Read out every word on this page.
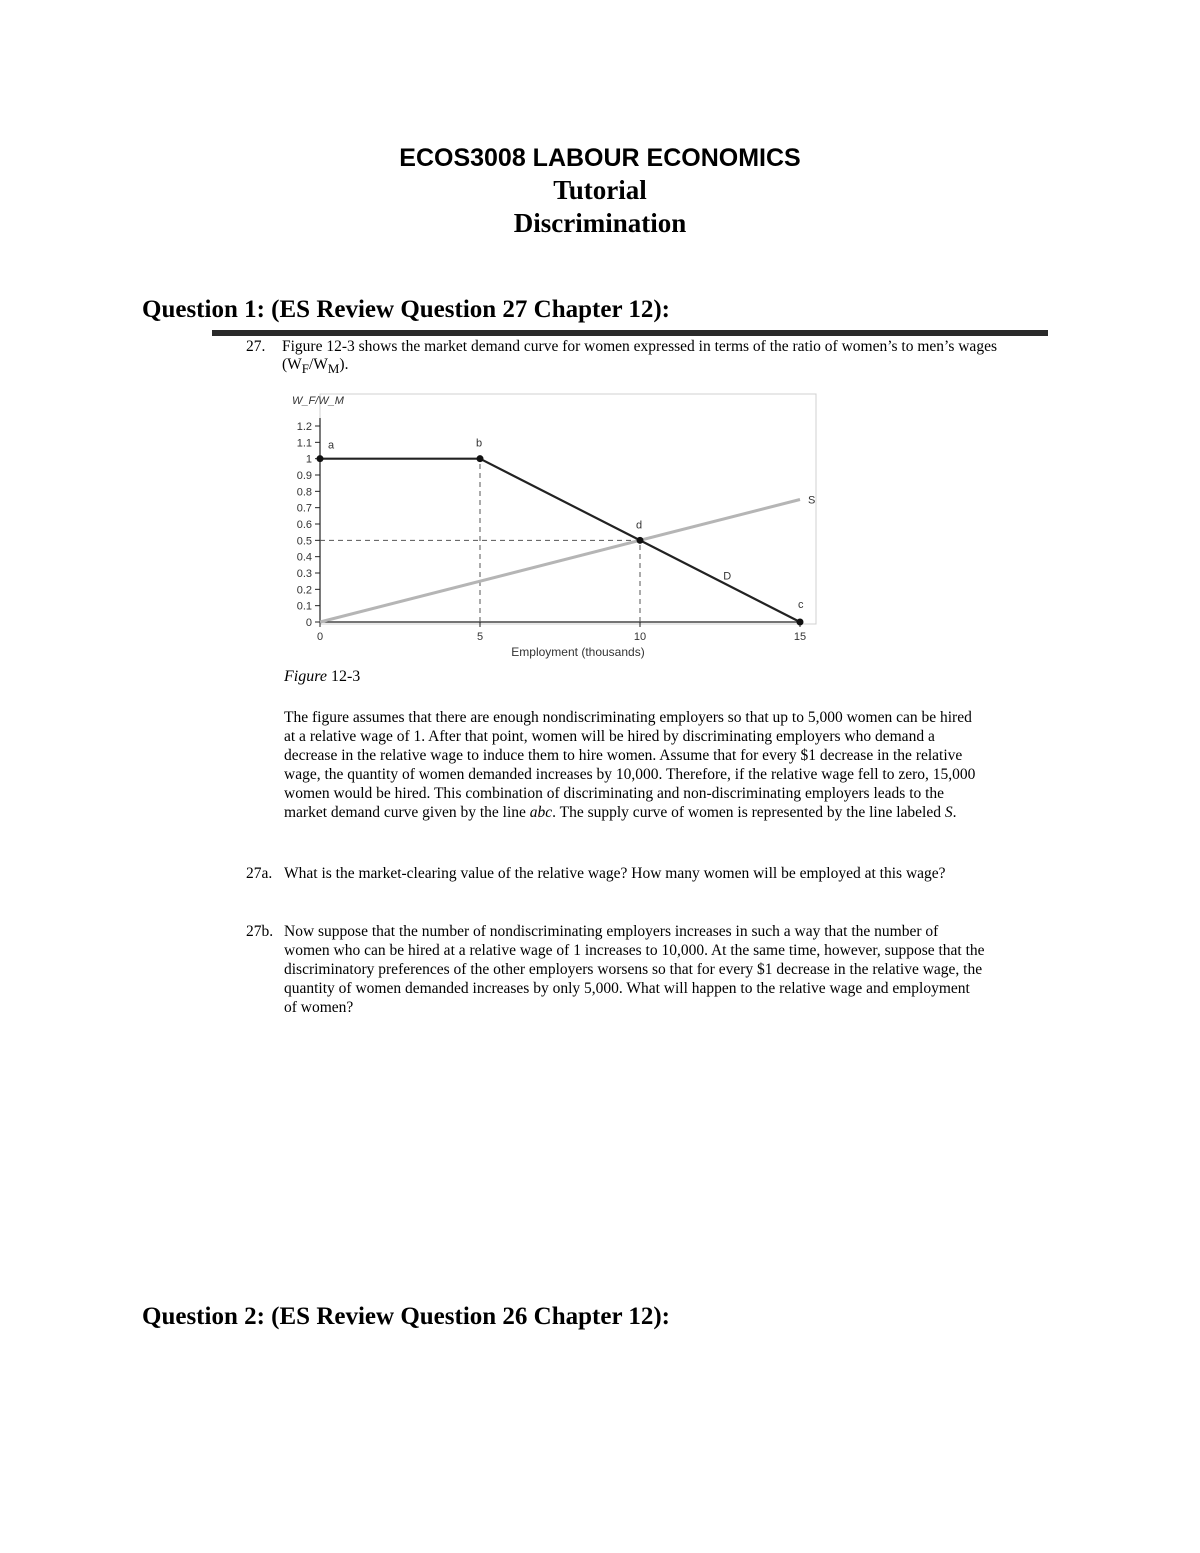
ECOS3008 LABOUR ECONOMICS
Tutorial
Discrimination
Question 1: (ES Review Question 27 Chapter 12):

27.	Figure 12-3 shows the market demand curve for women expressed in terms of the ratio of women’s to men’s wages $(W_F/W_M)$.

0
0.1
0.2
0.3
0.4
0.5
0.6
0.7
0.8
0.9
1
1.1
1.2
0	5	10	15
W_F/W_M
Employment (thousands)
D
S
a	b
d
c

Figure 12-3

The figure assumes that there are enough nondiscriminating employers so that up to 5,000 women can be hired at a relative wage of 1. After that point, women will be hired by discriminating employers who demand a decrease in the relative wage to induce them to hire women. Assume that for every $1 decrease in the relative wage, the quantity of women demanded increases by 10,000. Therefore, if the relative wage fell to zero, 15,000 women would be hired. This combination of discriminating and non-discriminating employers leads to the market demand curve given by the line abc. The supply curve of women is represented by the line labeled S.

27a. What is the market-clearing value of the relative wage? How many women will be employed at this wage?

27b. Now suppose that the number of nondiscriminating employers increases in such a way that the number of women who can be hired at a relative wage of 1 increases to 10,000. At the same time, however, suppose that the discriminatory preferences of the other employers worsens so that for every $1 decrease in the relative wage, the quantity of women demanded increases by only 5,000. What will happen to the relative wage and employment of women?

Question 2: (ES Review Question 26 Chapter 12):
